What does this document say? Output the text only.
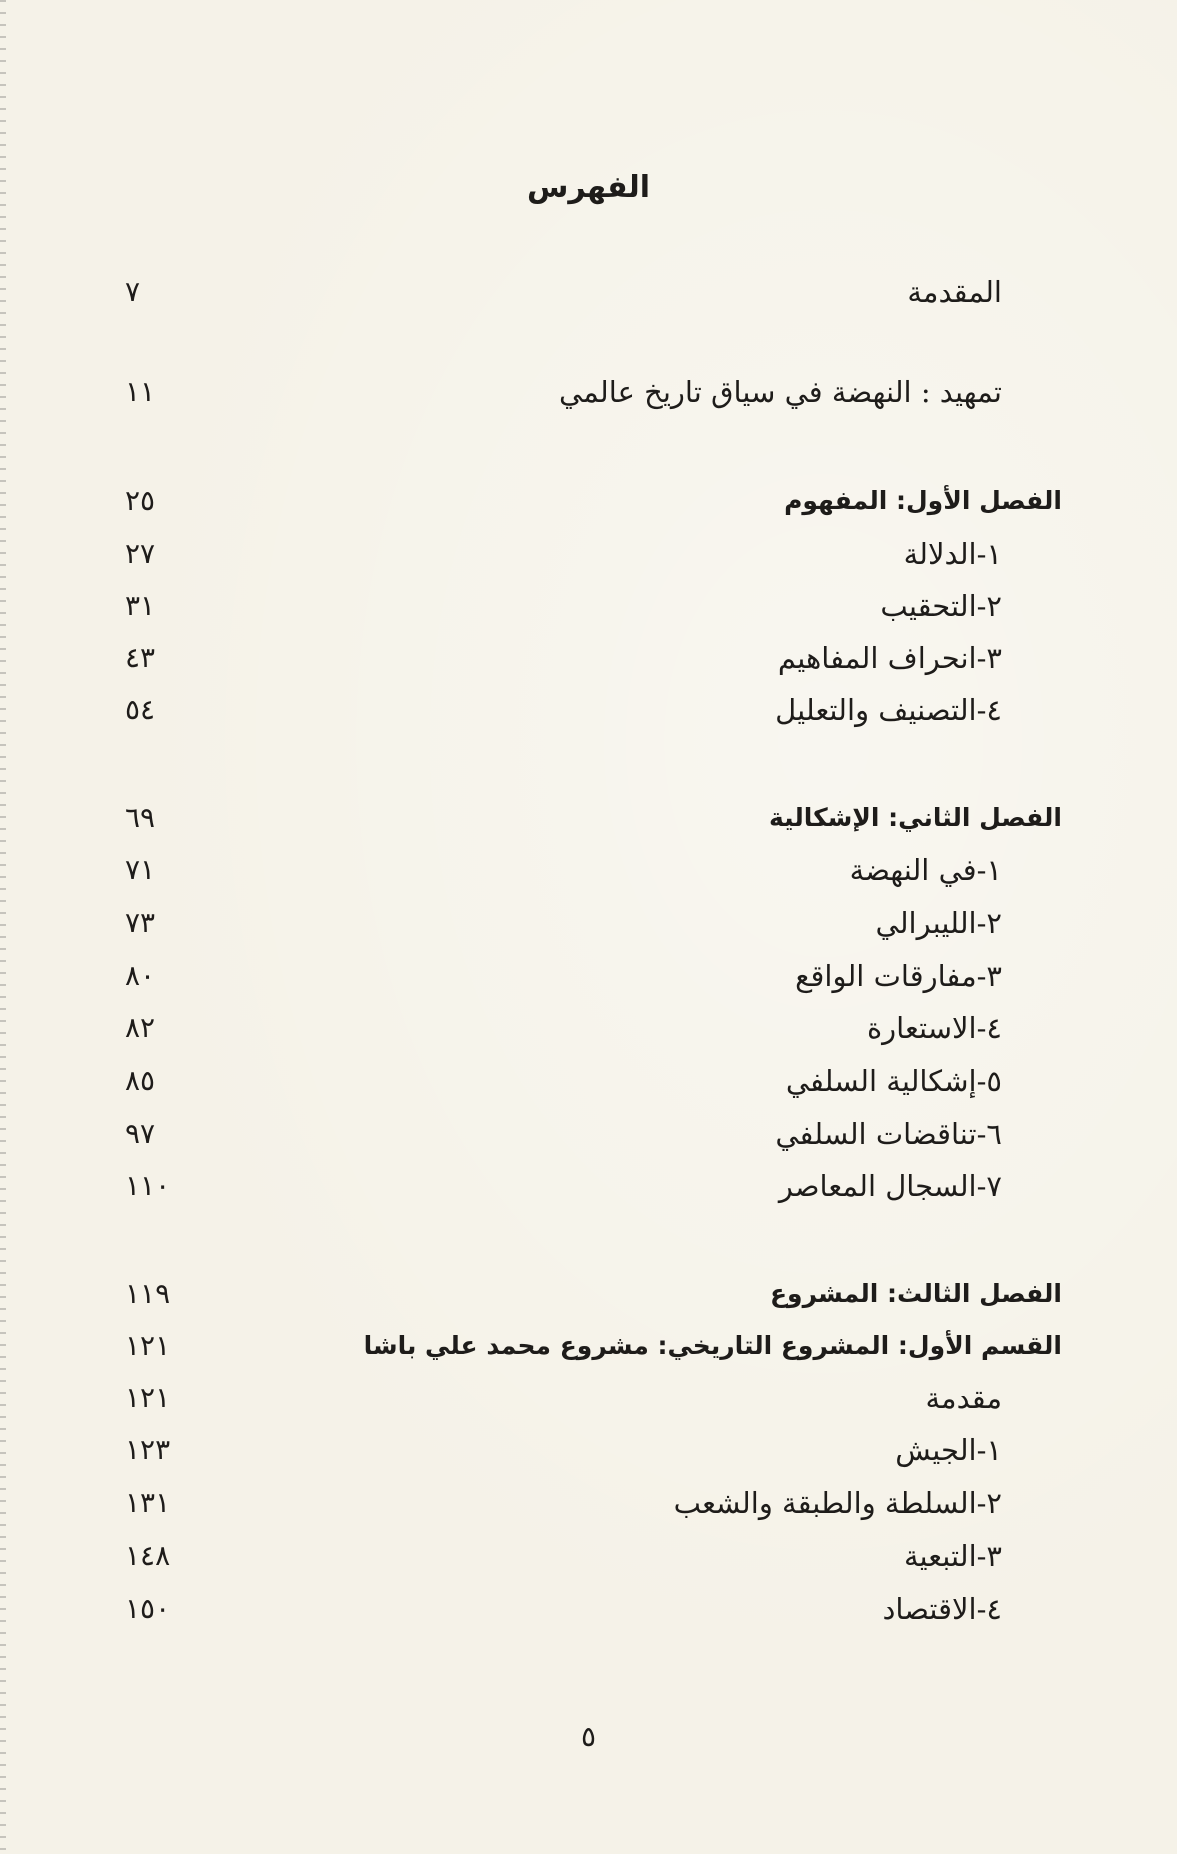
الفهرس
المقدمة
٧
تمهيد : النهضة في سياق تاريخ عالمي
١١
الفصل الأول: المفهوم
٢٥
١-الدلالة
٢٧
٢-التحقيب
٣١
٣-انحراف المفاهيم
٤٣
٤-التصنيف والتعليل
٥٤
الفصل الثاني: الإشكالية
٦٩
١-في النهضة
٧١
٢-الليبرالي
٧٣
٣-مفارقات الواقع
٨٠
٤-الاستعارة
٨٢
٥-إشكالية السلفي
٨٥
٦-تناقضات السلفي
٩٧
٧-السجال المعاصر
١١٠
الفصل الثالث: المشروع
١١٩
القسم الأول: المشروع التاريخي: مشروع محمد علي باشا
١٢١
مقدمة
١٢١
١-الجيش
١٢٣
٢-السلطة والطبقة والشعب
١٣١
٣-التبعية
١٤٨
٤-الاقتصاد
١٥٠
٥
